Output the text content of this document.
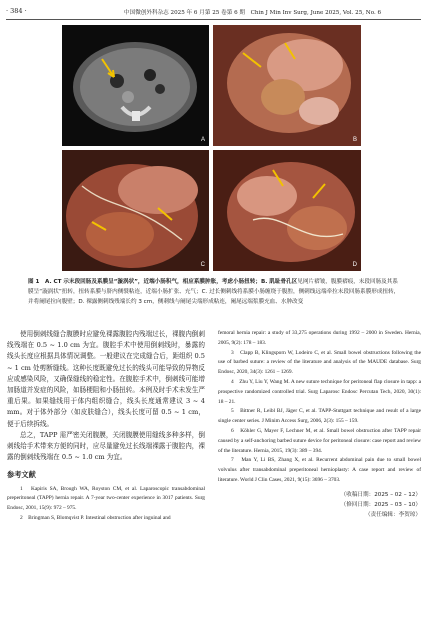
· 384 ·	中国微创外科杂志 2025 年 6 月第 25 卷第 6 期　Chin J Min Inv Surg, June 2025, Vol. 25, No. 6
A	B
C	D
图 1　A. CT 示末段回肠及系膜呈“漩涡状”，近端小肠积气，相应系膜肿胀，考虑小肠扭转；B. 肌耻骨孔区见网片褶皱，腹膜褶痕，末段回肠及其系膜呈“漩涡状”扭转，扭转系膜与脐内侧襞粘连，近端小肠扩张、充气；C. 过长侧刺线将系膜小肠缠绕于腹腔，侧刺线远端牵拉末段回肠系膜形成扭转，并将阑尾拉向腹壁；D. 裸露侧刺线残端长约 3 cm，侧刺线与阑尾尖端形成粘连，阑尾远端浆膜充血、水肿改变

使用倒刺线缝合腹膜时应避免裸露腹腔内残端过长，裸腹内倒刺线残端在 0.5 ~ 1.0 cm 为宜。腹腔手术中使用倒刺线时，暴露的线头长度应根据具体情况调整。一般建议在完成缝合后，距组织 0.5 ~ 1 cm 处剪断缝线。这种长度既避免过长的线头可能导致的异物反应或感染风险，又确保缝线的稳定性。在腹腔手术中，倒刺线可能增加肠道并发症的风险，如肠梗阻和小肠扭转。本例及时手术未发生严重后果。如果缝线用于体内组织缝合，线头长度通常建议 3 ~ 4 mm。对于体外部分（如皮肤缝合），线头长度可留 0.5 ~ 1 cm，便于后续拆线。

总之，TAPP 需严密关闭腹膜，关闭腹膜使用缝线多种多样，倒刺线给手术带来方便的同时，应尽量避免过长线端裸露于腹腔内，裸露的倒刺线残端在 0.5 ~ 1.0 cm 为宜。

参考文献

1　Kapiris SA, Brough WA, Royston CM, et al. Laparoscopic transabdominal preperitoneal (TAPP) hernia repair. A 7-year two-center experience in 3017 patients. Surg Endosc, 2001, 15(9): 972 – 975.

2　Bringman S, Blomqvist P. Intestinal obstruction after inguinal and

femoral hernia repair: a study of 33,275 operations during 1992 – 2000 in Sweden. Hernia, 2005, 9(2): 178 – 183.

3　Clapp B, Klingsporn W, Lodeiro C, et al. Small bowel obstructions following the use of barbed suture: a review of the literature and analysis of the MAUDE database. Surg Endosc, 2020, 34(3): 1261 – 1269.

4　Zhu Y, Liu Y, Wang M. A new suture technique for peritoneal flap closure in tapp: a prospective randomized controlled trial. Surg Laparosc Endosc Percutan Tech, 2020, 30(1): 18 – 21.

5　Bittner R, Leibl BJ, Jäger C, et al. TAPP-Stuttgart technique and result of a large single center series. J Minim Access Surg, 2006, 2(3): 155 – 159.

6　Köhler G, Mayer F, Lechner M, et al. Small bowel obstruction after TAPP repair caused by a self-anchoring barbed suture device for peritoneal closure: case report and review of the literature. Hernia, 2015, 19(3): 389 – 394.

7　Man Y, Li BS, Zhang X, et al. Recurrent abdominal pain due to small bowel volvulus after transabdominal preperitoneal hernioplasty: A case report and review of literature. World J Clin Cases, 2021, 9(15): 3696 – 3703.

（收稿日期：2025 – 02 – 12）
（修回日期：2025 – 03 – 10）
（责任编辑：李贺琼）
